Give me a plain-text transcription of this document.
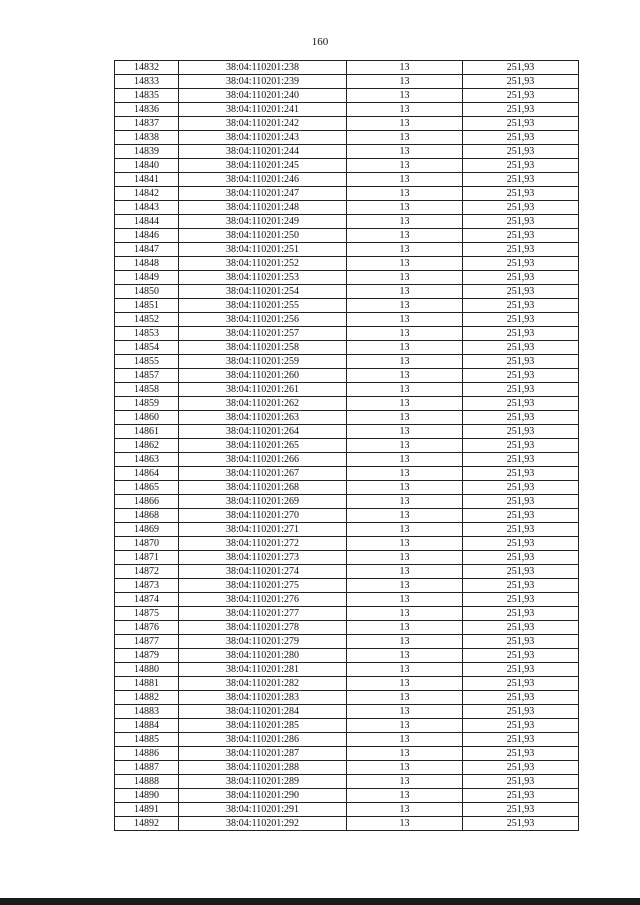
160
14832	38:04:110201:238	13	251,93
14833	38:04:110201:239	13	251,93
14835	38:04:110201:240	13	251,93
14836	38:04:110201:241	13	251,93
14837	38:04:110201:242	13	251,93
14838	38:04:110201:243	13	251,93
14839	38:04:110201:244	13	251,93
14840	38:04:110201:245	13	251,93
14841	38:04:110201:246	13	251,93
14842	38:04:110201:247	13	251,93
14843	38:04:110201:248	13	251,93
14844	38:04:110201:249	13	251,93
14846	38:04:110201:250	13	251,93
14847	38:04:110201:251	13	251,93
14848	38:04:110201:252	13	251,93
14849	38:04:110201:253	13	251,93
14850	38:04:110201:254	13	251,93
14851	38:04:110201:255	13	251,93
14852	38:04:110201:256	13	251,93
14853	38:04:110201:257	13	251,93
14854	38:04:110201:258	13	251,93
14855	38:04:110201:259	13	251,93
14857	38:04:110201:260	13	251,93
14858	38:04:110201:261	13	251,93
14859	38:04:110201:262	13	251,93
14860	38:04:110201:263	13	251,93
14861	38:04:110201:264	13	251,93
14862	38:04:110201:265	13	251,93
14863	38:04:110201:266	13	251,93
14864	38:04:110201:267	13	251,93
14865	38:04:110201:268	13	251,93
14866	38:04:110201:269	13	251,93
14868	38:04:110201:270	13	251,93
14869	38:04:110201:271	13	251,93
14870	38:04:110201:272	13	251,93
14871	38:04:110201:273	13	251,93
14872	38:04:110201:274	13	251,93
14873	38:04:110201:275	13	251,93
14874	38:04:110201:276	13	251,93
14875	38:04:110201:277	13	251,93
14876	38:04:110201:278	13	251,93
14877	38:04:110201:279	13	251,93
14879	38:04:110201:280	13	251,93
14880	38:04:110201:281	13	251,93
14881	38:04:110201:282	13	251,93
14882	38:04:110201:283	13	251,93
14883	38:04:110201:284	13	251,93
14884	38:04:110201:285	13	251,93
14885	38:04:110201:286	13	251,93
14886	38:04:110201:287	13	251,93
14887	38:04:110201:288	13	251,93
14888	38:04:110201:289	13	251,93
14890	38:04:110201:290	13	251,93
14891	38:04:110201:291	13	251,93
14892	38:04:110201:292	13	251,93
